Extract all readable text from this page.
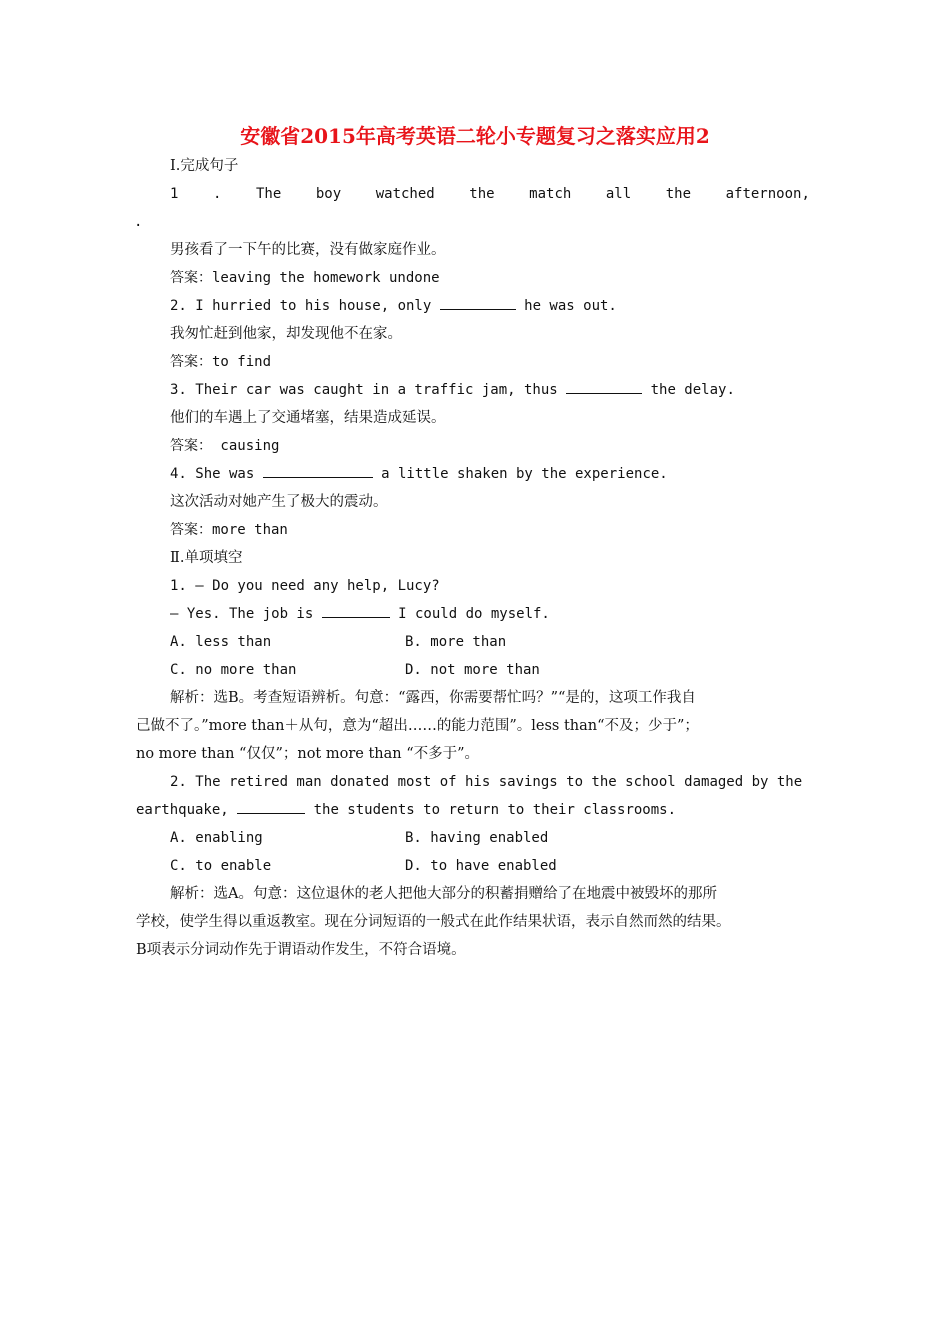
安徽省2015年高考英语二轮小专题复习之落实应用2
Ⅰ.完成句子
1 . The boy watched the match all the afternoon,
.
男孩看了一下午的比赛，没有做家庭作业。
答案：leaving the homework undone
2. I hurried to his house, only	he was out.
我匆忙赶到他家，却发现他不在家。
答案：to find
3. Their car was caught in a traffic jam, thus	the delay.
他们的车遇上了交通堵塞，结果造成延误。
答案： causing
4. She was	a little shaken by the experience.
这次活动对她产生了极大的震动。
答案：more than
Ⅱ.单项填空
1. — Do you need any help, Lucy?
— Yes. The job is	I could do myself.
A. less than	B. more than
C. no more than	D. not more than
解析：选B。考查短语辨析。句意：“露西，你需要帮忙吗？”“是的，这项工作我自
己做不了。”more than＋从句，意为“超出……的能力范围”。less than“不及；少于”；
no more than “仅仅”；not more than “不多于”。
2. The retired man donated most of his savings to the school damaged by the
earthquake,	the students to return to their classrooms.
A. enabling	B. having enabled
C. to enable	D. to have enabled
解析：选A。句意：这位退休的老人把他大部分的积蓄捐赠给了在地震中被毁坏的那所
学校，使学生得以重返教室。现在分词短语的一般式在此作结果状语，表示自然而然的结果。
B项表示分词动作先于谓语动作发生，不符合语境。
